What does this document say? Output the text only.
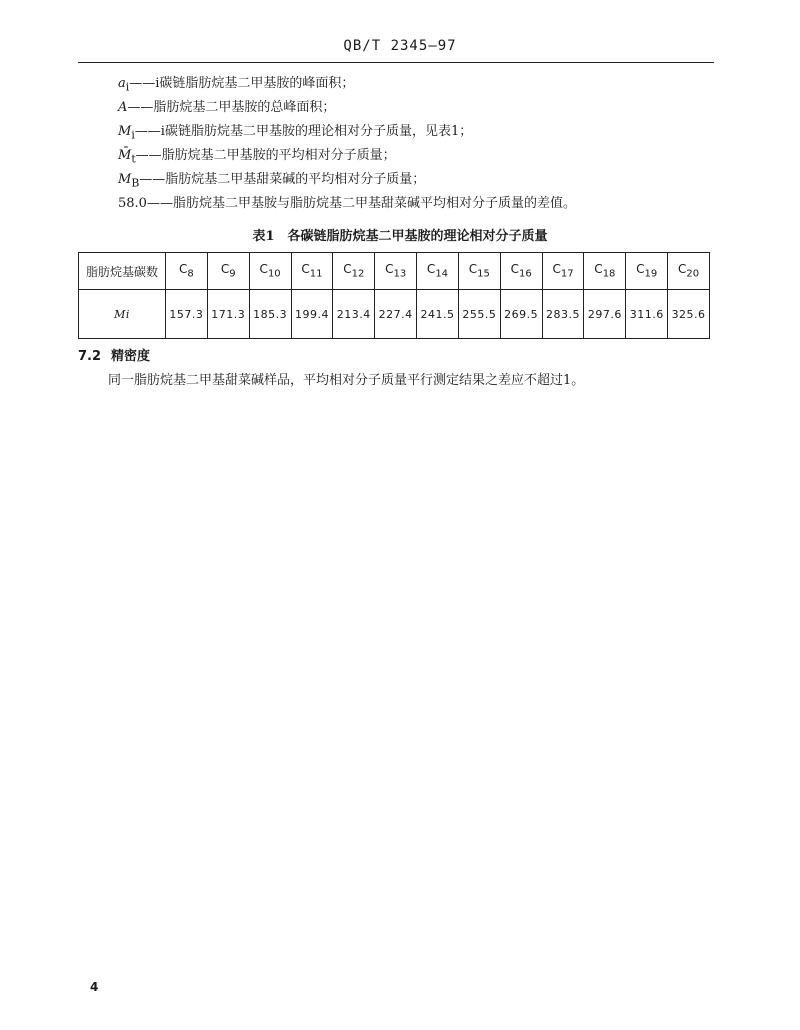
QB/T 2345—97
$a_i——i$碳链脂肪烷基二甲基胺的峰面积；
A——脂肪烷基二甲基胺的总峰面积；
$M_i——i$碳链脂肪烷基二甲基胺的理论相对分子质量，见表1；
$M̄_t——$脂肪烷基二甲基胺的平均相对分子质量；
$M_B——$脂肪烷基二甲基甜菜碱的平均相对分子质量；
58.0——脂肪烷基二甲基胺与脂肪烷基二甲基甜菜碱平均相对分子质量的差值。
表1　各碳链脂肪烷基二甲基胺的理论相对分子质量
脂肪烷基碳数	$C_8$	$C_9$	$C_{10}$	$C_{11}$	$C_{12}$	$C_{13}$	$C_{14}$	$C_{15}$	$C_{16}$	$C_{17}$	$C_{18}$	$C_{19}$	$C_{20}$
Mi	157.3	171.3	185.3	199.4	213.4	227.4	241.5	255.5	269.5	283.5	297.6	311.6	325.6
7.2 精密度
同一脂肪烷基二甲基甜菜碱样品，平均相对分子质量平行测定结果之差应不超过1。
4
